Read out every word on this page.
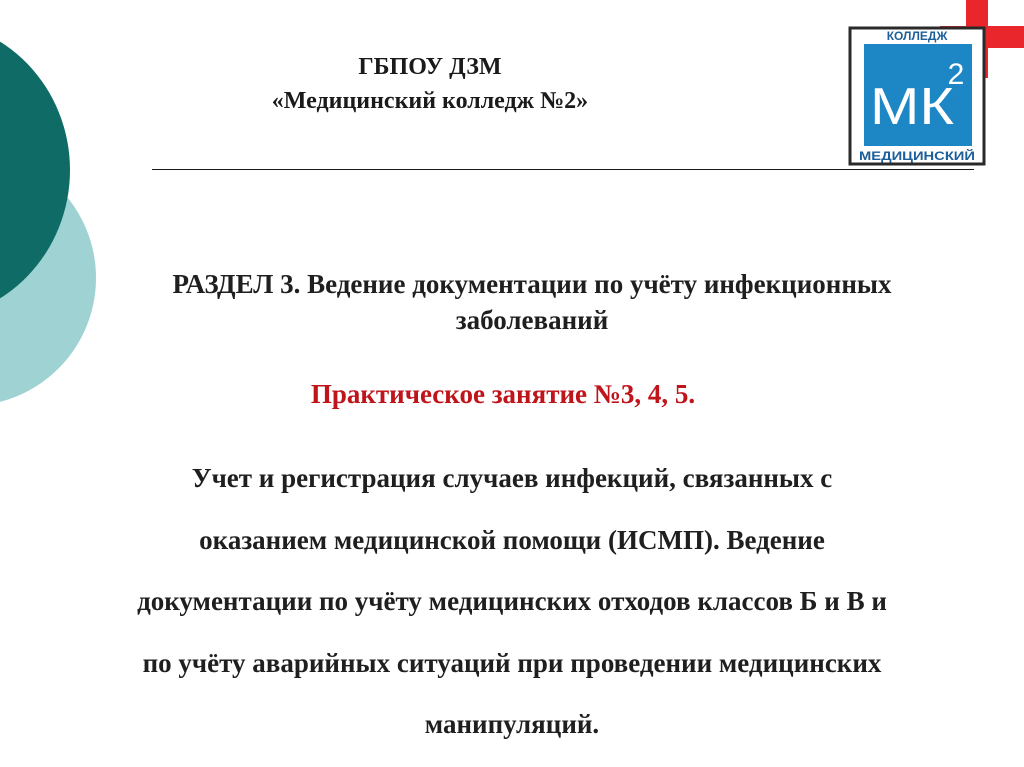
ГБПОУ ДЗМ
«Медицинский колледж №2»
КОЛЛЕДЖ
МК
2
МЕДИЦИНСКИЙ
РАЗДЕЛ 3. Ведение документации по учёту инфекционных
заболеваний
Практическое занятие №3, 4, 5.

Учет и регистрация случаев инфекций, связанных с
оказанием медицинской помощи (ИСМП). Ведение
документации по учёту медицинских отходов классов Б и В и
по учёту аварийных ситуаций при проведении медицинских
манипуляций.
